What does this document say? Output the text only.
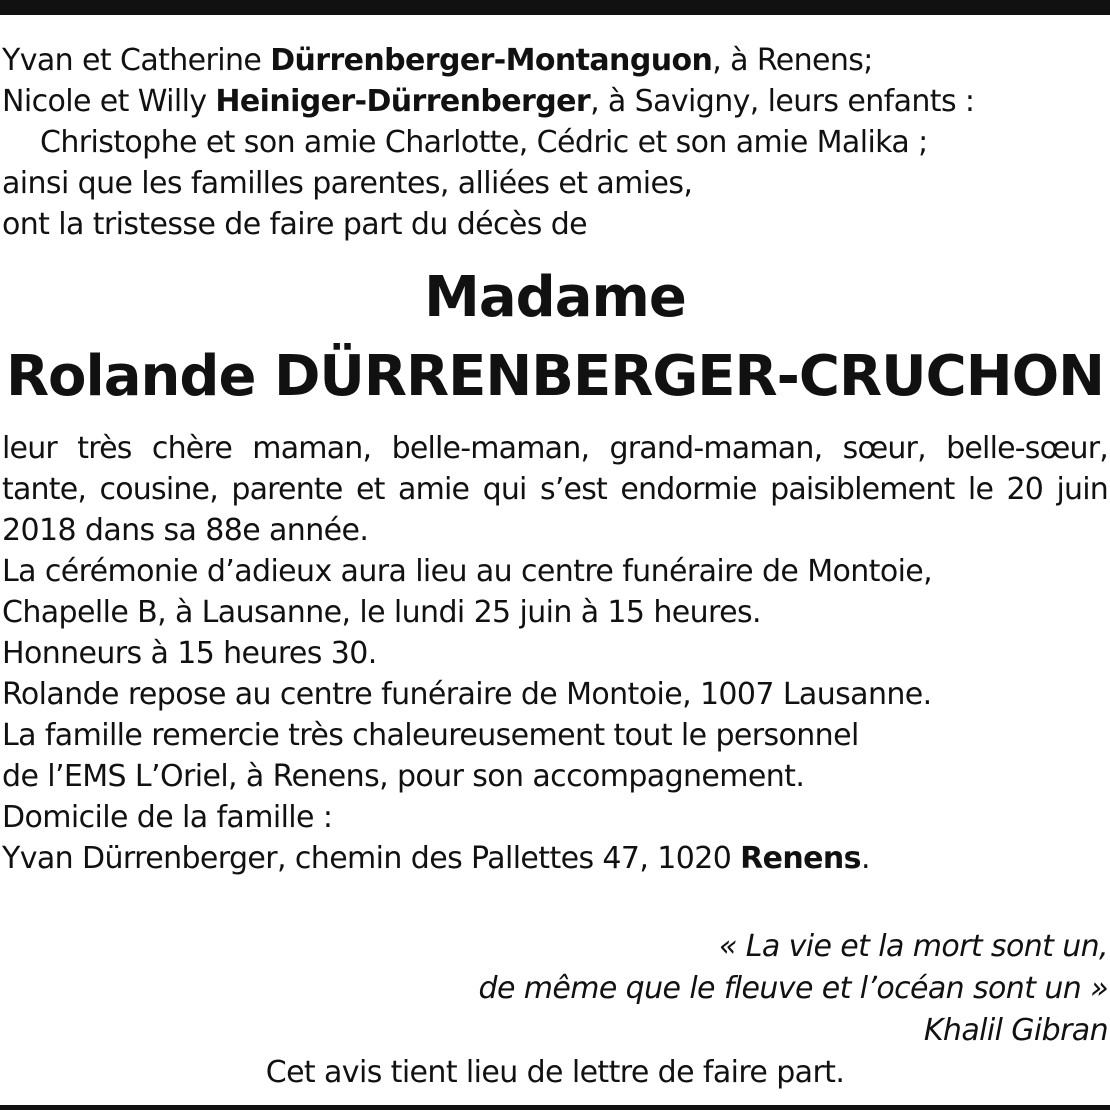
Yvan et Catherine Dürrenberger-Montanguon, à Renens;
Nicole et Willy Heiniger-Dürrenberger, à Savigny, leurs enfants :
Christophe et son amie Charlotte, Cédric et son amie Malika ;
ainsi que les familles parentes, alliées et amies,
ont la tristesse de faire part du décès de
Madame
Rolande DÜRRENBERGER-CRUCHON
leur très chère maman, belle-maman, grand-maman, sœur, belle-sœur,
tante, cousine, parente et amie qui s’est endormie paisiblement le 20 juin
2018 dans sa 88e année.
La cérémonie d’adieux aura lieu au centre funéraire de Montoie,
Chapelle B, à Lausanne, le lundi 25 juin à 15 heures.
Honneurs à 15 heures 30.
Rolande repose au centre funéraire de Montoie, 1007 Lausanne.
La famille remercie très chaleureusement tout le personnel
de l’EMS L’Oriel, à Renens, pour son accompagnement.
Domicile de la famille :
Yvan Dürrenberger, chemin des Pallettes 47, 1020 Renens.
« La vie et la mort sont un,
de même que le fleuve et l’océan sont un »
Khalil Gibran
Cet avis tient lieu de lettre de faire part.
